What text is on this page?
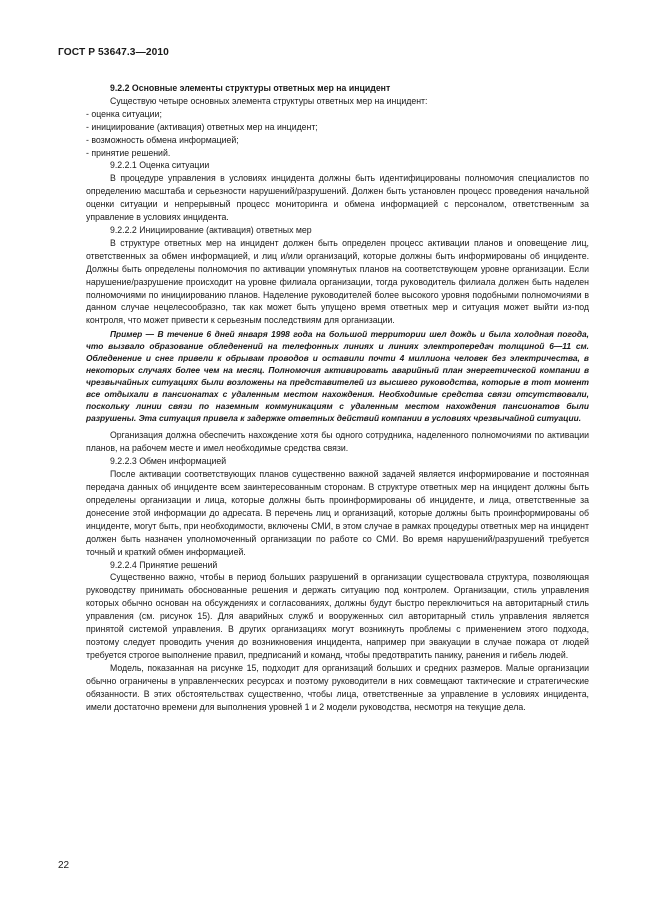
ГОСТ Р 53647.3—2010

9.2.2 Основные элементы структуры ответных мер на инцидент

Существую четыре основных элемента структуры ответных мер на инцидент:

- оценка ситуации;

- инициирование (активация) ответных мер на инцидент;

- возможность обмена информацией;

- принятие решений.

9.2.2.1 Оценка ситуации

В процедуре управления в условиях инцидента должны быть идентифицированы полномочия специалистов по определению масштаба и серьезности нарушений/разрушений. Должен быть установлен процесс проведения начальной оценки ситуации и непрерывный процесс мониторинга и обмена информацией с персоналом, ответственным за управление в условиях инцидента.

9.2.2.2 Инициирование (активация) ответных мер

В структуре ответных мер на инцидент должен быть определен процесс активации планов и оповещение лиц, ответственных за обмен информацией, и лиц и/или организаций, которые должны быть информированы об инциденте. Должны быть определены полномочия по активации упомянутых планов на соответствующем уровне организации. Если нарушение/разрушение происходит на уровне филиала организации, тогда руководитель филиала должен быть наделен полномочиями по инициированию планов. Наделение руководителей более высокого уровня подобными полномочиями в данном случае нецелесообразно, так как может быть упущено время ответных мер и ситуация может выйти из-под контроля, что может привести к серьезным последствиям для организации.

Пример — В течение 6 дней января 1998 года на большой территории шел дождь и была холодная погода, что вызвало образование обледенений на телефонных линиях и линиях электропередач толщиной 6—11 см. Обледенение и снег привели к обрывам проводов и оставили почти 4 миллиона человек без электричества, в некоторых случаях более чем на месяц. Полномочия активировать аварийный план энергетической компании в чрезвычайных ситуациях были возложены на представителей из высшего руководства, которые в тот момент все отдыхали в пансионатах с удаленным местом нахождения. Необходимые средства связи отсутствовали, поскольку линии связи по наземным коммуникациям с удаленным местом нахождения пансионатов были разрушены. Эта ситуация привела к задержке ответных действий компании в условиях чрезвычайной ситуации.

Организация должна обеспечить нахождение хотя бы одного сотрудника, наделенного полномочиями по активации планов, на рабочем месте и имел необходимые средства связи.

9.2.2.3 Обмен информацией

После активации соответствующих планов существенно важной задачей является информирование и постоянная передача данных об инциденте всем заинтересованным сторонам. В структуре ответных мер на инцидент должны быть определены организации и лица, которые должны быть проинформированы об инциденте, и лица, ответственные за донесение этой информации до адресата. В перечень лиц и организаций, которые должны быть проинформированы об инциденте, могут быть, при необходимости, включены СМИ, в этом случае в рамках процедуры ответных мер на инцидент должен быть назначен уполномоченный организации по работе со СМИ. Во время нарушений/разрушений требуется точный и краткий обмен информацией.

9.2.2.4 Принятие решений

Существенно важно, чтобы в период больших разрушений в организации существовала структура, позволяющая руководству принимать обоснованные решения и держать ситуацию под контролем. Организации, стиль управления которых обычно основан на обсуждениях и согласованиях, должны будут быстро переключиться на авторитарный стиль управления (см. рисунок 15). Для аварийных служб и вооруженных сил авторитарный стиль управления является принятой системой управления. В других организациях могут возникнуть проблемы с применением этого подхода, поэтому следует проводить учения до возникновения инцидента, например при эвакуации в случае пожара от людей требуется строгое выполнение правил, предписаний и команд, чтобы предотвратить панику, ранения и гибель людей.

Модель, показанная на рисунке 15, подходит для организаций больших и средних размеров. Малые организации обычно ограничены в управленческих ресурсах и поэтому руководители в них совмещают тактические и стратегические обязанности. В этих обстоятельствах существенно, чтобы лица, ответственные за управление в условиях инцидента, имели достаточно времени для выполнения уровней 1 и 2 модели руководства, несмотря на текущие дела.

22
